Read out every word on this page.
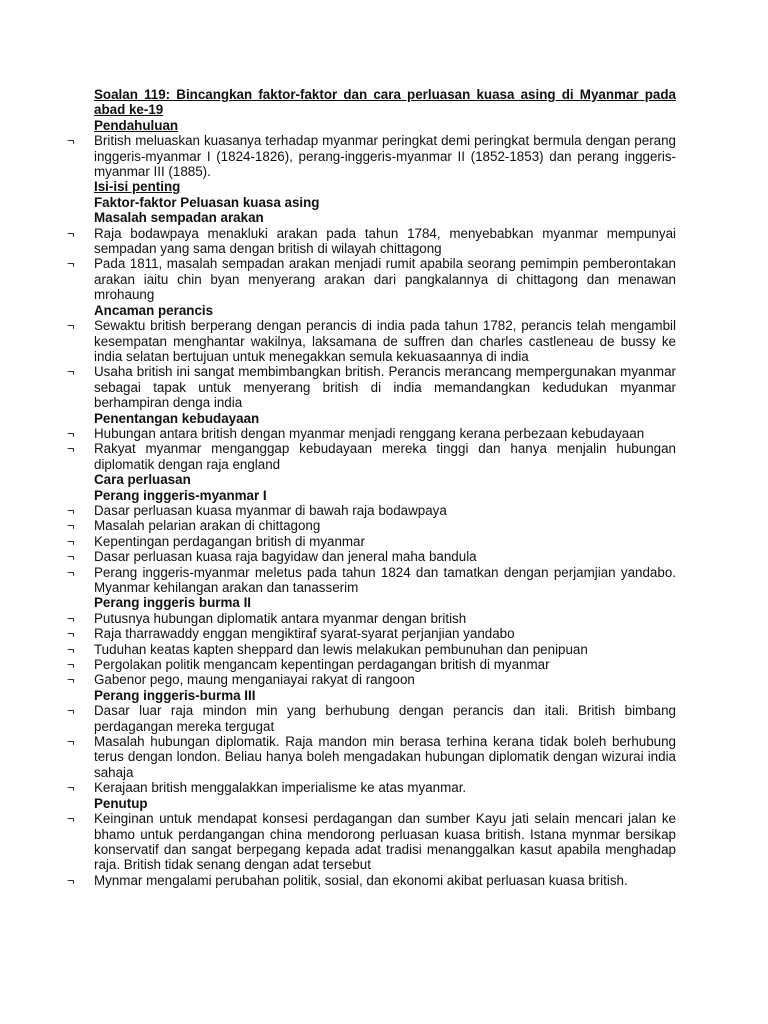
Soalan 119: Bincangkan faktor-faktor dan cara perluasan kuasa asing di Myanmar pada abad ke-19
Pendahuluan
¬ British meluaskan kuasanya terhadap myanmar peringkat demi peringkat bermula dengan perang inggeris-myanmar I (1824-1826), perang-inggeris-myanmar II (1852-1853) dan perang inggeris-myanmar III (1885).
Isi-isi penting
Faktor-faktor Peluasan kuasa asing
Masalah sempadan arakan
¬ Raja bodawpaya menakluki arakan pada tahun 1784, menyebabkan myanmar mempunyai sempadan yang sama dengan british di wilayah chittagong
¬ Pada 1811, masalah sempadan arakan menjadi rumit apabila seorang pemimpin pemberontakan arakan iaitu chin byan menyerang arakan dari pangkalannya di chittagong dan menawan mrohaung
Ancaman perancis
¬ Sewaktu british berperang dengan perancis di india pada tahun 1782, perancis telah mengambil kesempatan menghantar wakilnya, laksamana de suffren dan charles castleneau de bussy ke india selatan bertujuan untuk menegakkan semula kekuasaannya di india
¬ Usaha british ini sangat membimbangkan british. Perancis merancang mempergunakan myanmar sebagai tapak untuk menyerang british di india memandangkan kedudukan myanmar berhampiran denga india
Penentangan kebudayaan
¬ Hubungan antara british dengan myanmar menjadi renggang kerana perbezaan kebudayaan
¬ Rakyat myanmar menganggap kebudayaan mereka tinggi dan hanya menjalin hubungan diplomatik dengan raja england
Cara perluasan
Perang inggeris-myanmar I
¬ Dasar perluasan kuasa myanmar di bawah raja bodawpaya
¬ Masalah pelarian arakan di chittagong
¬ Kepentingan perdagangan british di myanmar
¬ Dasar perluasan kuasa raja bagyidaw dan jeneral maha bandula
¬ Perang inggeris-myanmar meletus pada tahun 1824 dan tamatkan dengan perjamjian yandabo. Myanmar kehilangan arakan dan tanasserim
Perang inggeris burma II
¬ Putusnya hubungan diplomatik antara myanmar dengan british
¬ Raja tharrawaddy enggan mengiktiraf syarat-syarat perjanjian yandabo
¬ Tuduhan keatas kapten sheppard dan lewis melakukan pembunuhan dan penipuan
¬ Pergolakan politik mengancam kepentingan perdagangan british di myanmar
¬ Gabenor pego, maung menganiayai rakyat di rangoon
Perang inggeris-burma III
¬ Dasar luar raja mindon min yang berhubung dengan perancis dan itali. British bimbang perdagangan mereka tergugat
¬ Masalah hubungan diplomatik. Raja mandon min berasa terhina kerana tidak boleh berhubung terus dengan london. Beliau hanya boleh mengadakan hubungan diplomatik dengan wizurai india sahaja
¬ Kerajaan british menggalakkan imperialisme ke atas myanmar.
Penutup
¬ Keinginan untuk mendapat konsesi perdagangan dan sumber Kayu jati selain mencari jalan ke bhamo untuk perdangangan china mendorong perluasan kuasa british. Istana mynmar bersikap konservatif dan sangat berpegang kepada adat tradisi menanggalkan kasut apabila menghadap raja. British tidak senang dengan adat tersebut
¬ Mynmar mengalami perubahan politik, sosial, dan ekonomi akibat perluasan kuasa british.
